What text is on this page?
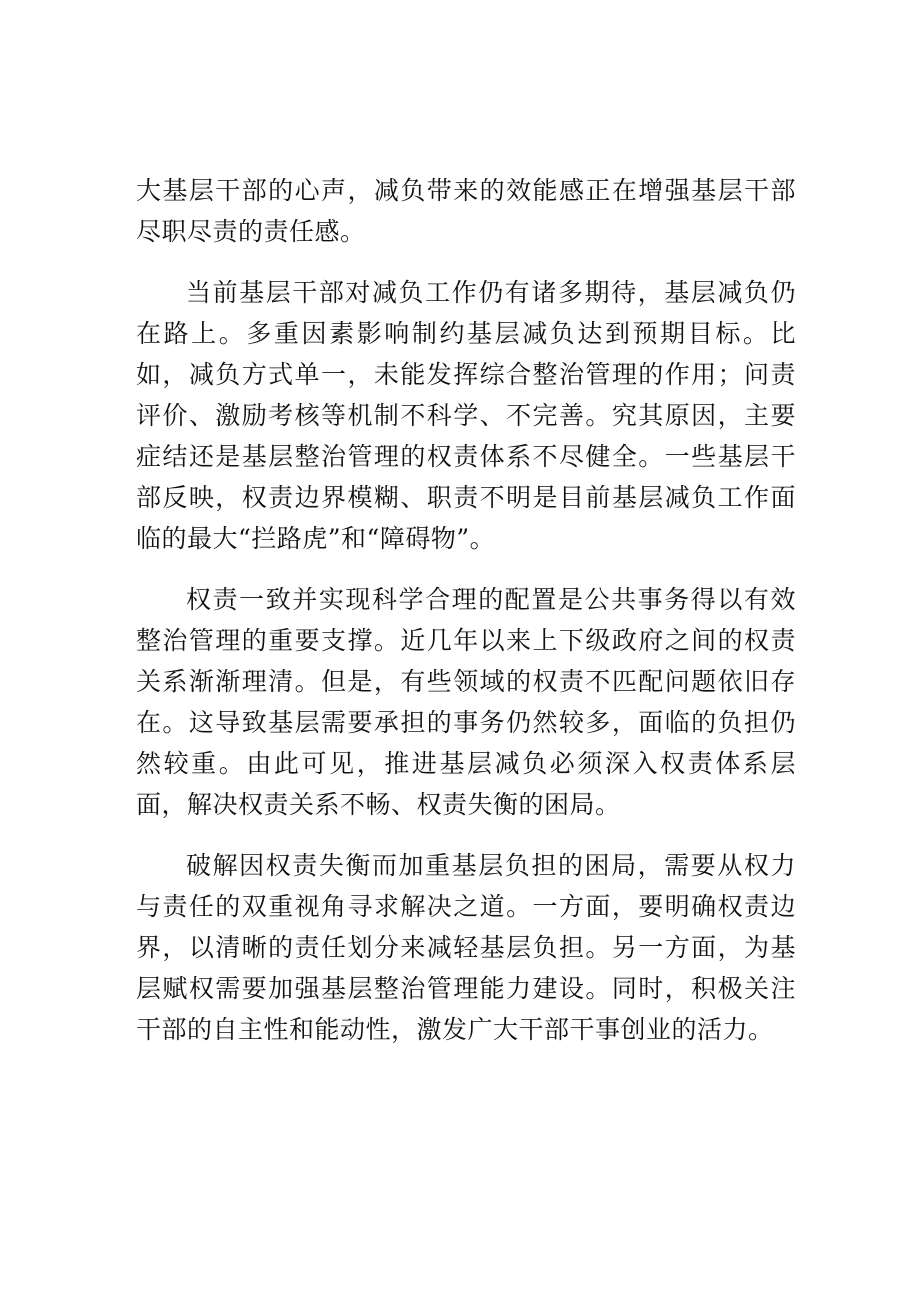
大基层干部的心声，减负带来的效能感正在增强基层干部尽职尽责的责任感。

当前基层干部对减负工作仍有诸多期待，基层减负仍在路上。多重因素影响制约基层减负达到预期目标。比如，减负方式单一，未能发挥综合整治管理的作用；问责评价、激励考核等机制不科学、不完善。究其原因，主要症结还是基层整治管理的权责体系不尽健全。一些基层干部反映，权责边界模糊、职责不明是目前基层减负工作面临的最大“拦路虎”和“障碍物”。

权责一致并实现科学合理的配置是公共事务得以有效整治管理的重要支撑。近几年以来上下级政府之间的权责关系渐渐理清。但是，有些领域的权责不匹配问题依旧存在。这导致基层需要承担的事务仍然较多，面临的负担仍然较重。由此可见，推进基层减负必须深入权责体系层面，解决权责关系不畅、权责失衡的困局。

破解因权责失衡而加重基层负担的困局，需要从权力与责任的双重视角寻求解决之道。一方面，要明确权责边界，以清晰的责任划分来减轻基层负担。另一方面，为基层赋权需要加强基层整治管理能力建设。同时，积极关注干部的自主性和能动性，激发广大干部干事创业的活力。
